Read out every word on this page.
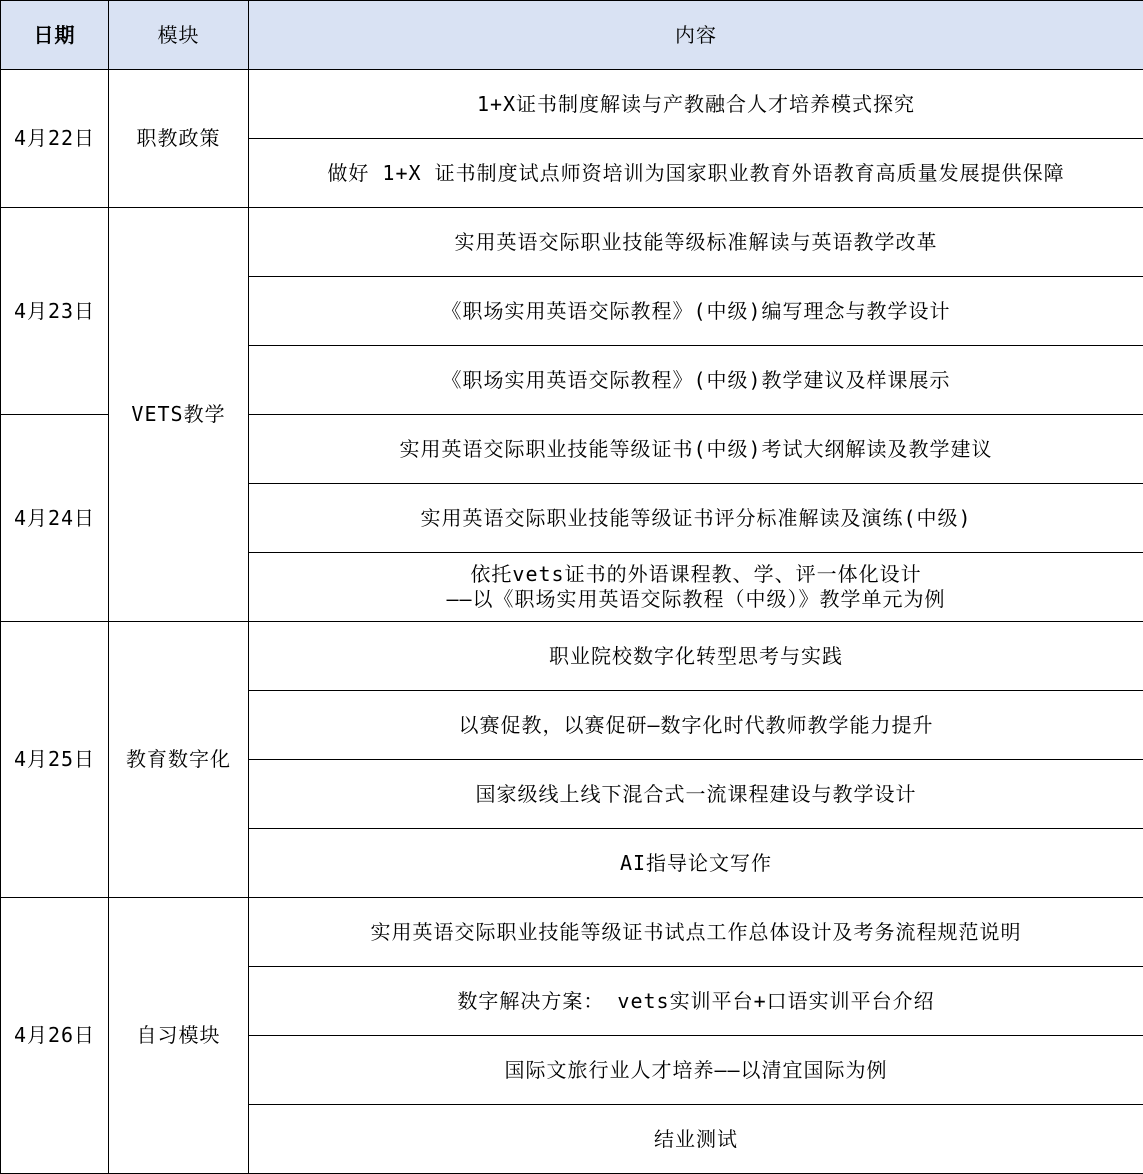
日期	模块	内容
4月22日	职教政策	1+X证书制度解读与产教融合人才培养模式探究
		做好 1+X 证书制度试点师资培训为国家职业教育外语教育高质量发展提供保障
4月23日	VETS教学	实用英语交际职业技能等级标准解读与英语教学改革
		《职场实用英语交际教程》(中级)编写理念与教学设计
		《职场实用英语交际教程》(中级)教学建议及样课展示
4月24日		实用英语交际职业技能等级证书(中级)考试大纲解读及教学建议
		实用英语交际职业技能等级证书评分标准解读及演练(中级)

		依托vets证书的外语课程教、学、评一体化设计
——以《职场实用英语交际教程（中级）》教学单元为例

4月25日	教育数字化	职业院校数字化转型思考与实践
		以赛促教，以赛促研—数字化时代教师教学能力提升
		国家级线上线下混合式一流课程建设与教学设计
		AI指导论文写作
4月26日	自习模块	实用英语交际职业技能等级证书试点工作总体设计及考务流程规范说明
		数字解决方案： vets实训平台+口语实训平台介绍
		国际文旅行业人才培养——以清宜国际为例
		结业测试
